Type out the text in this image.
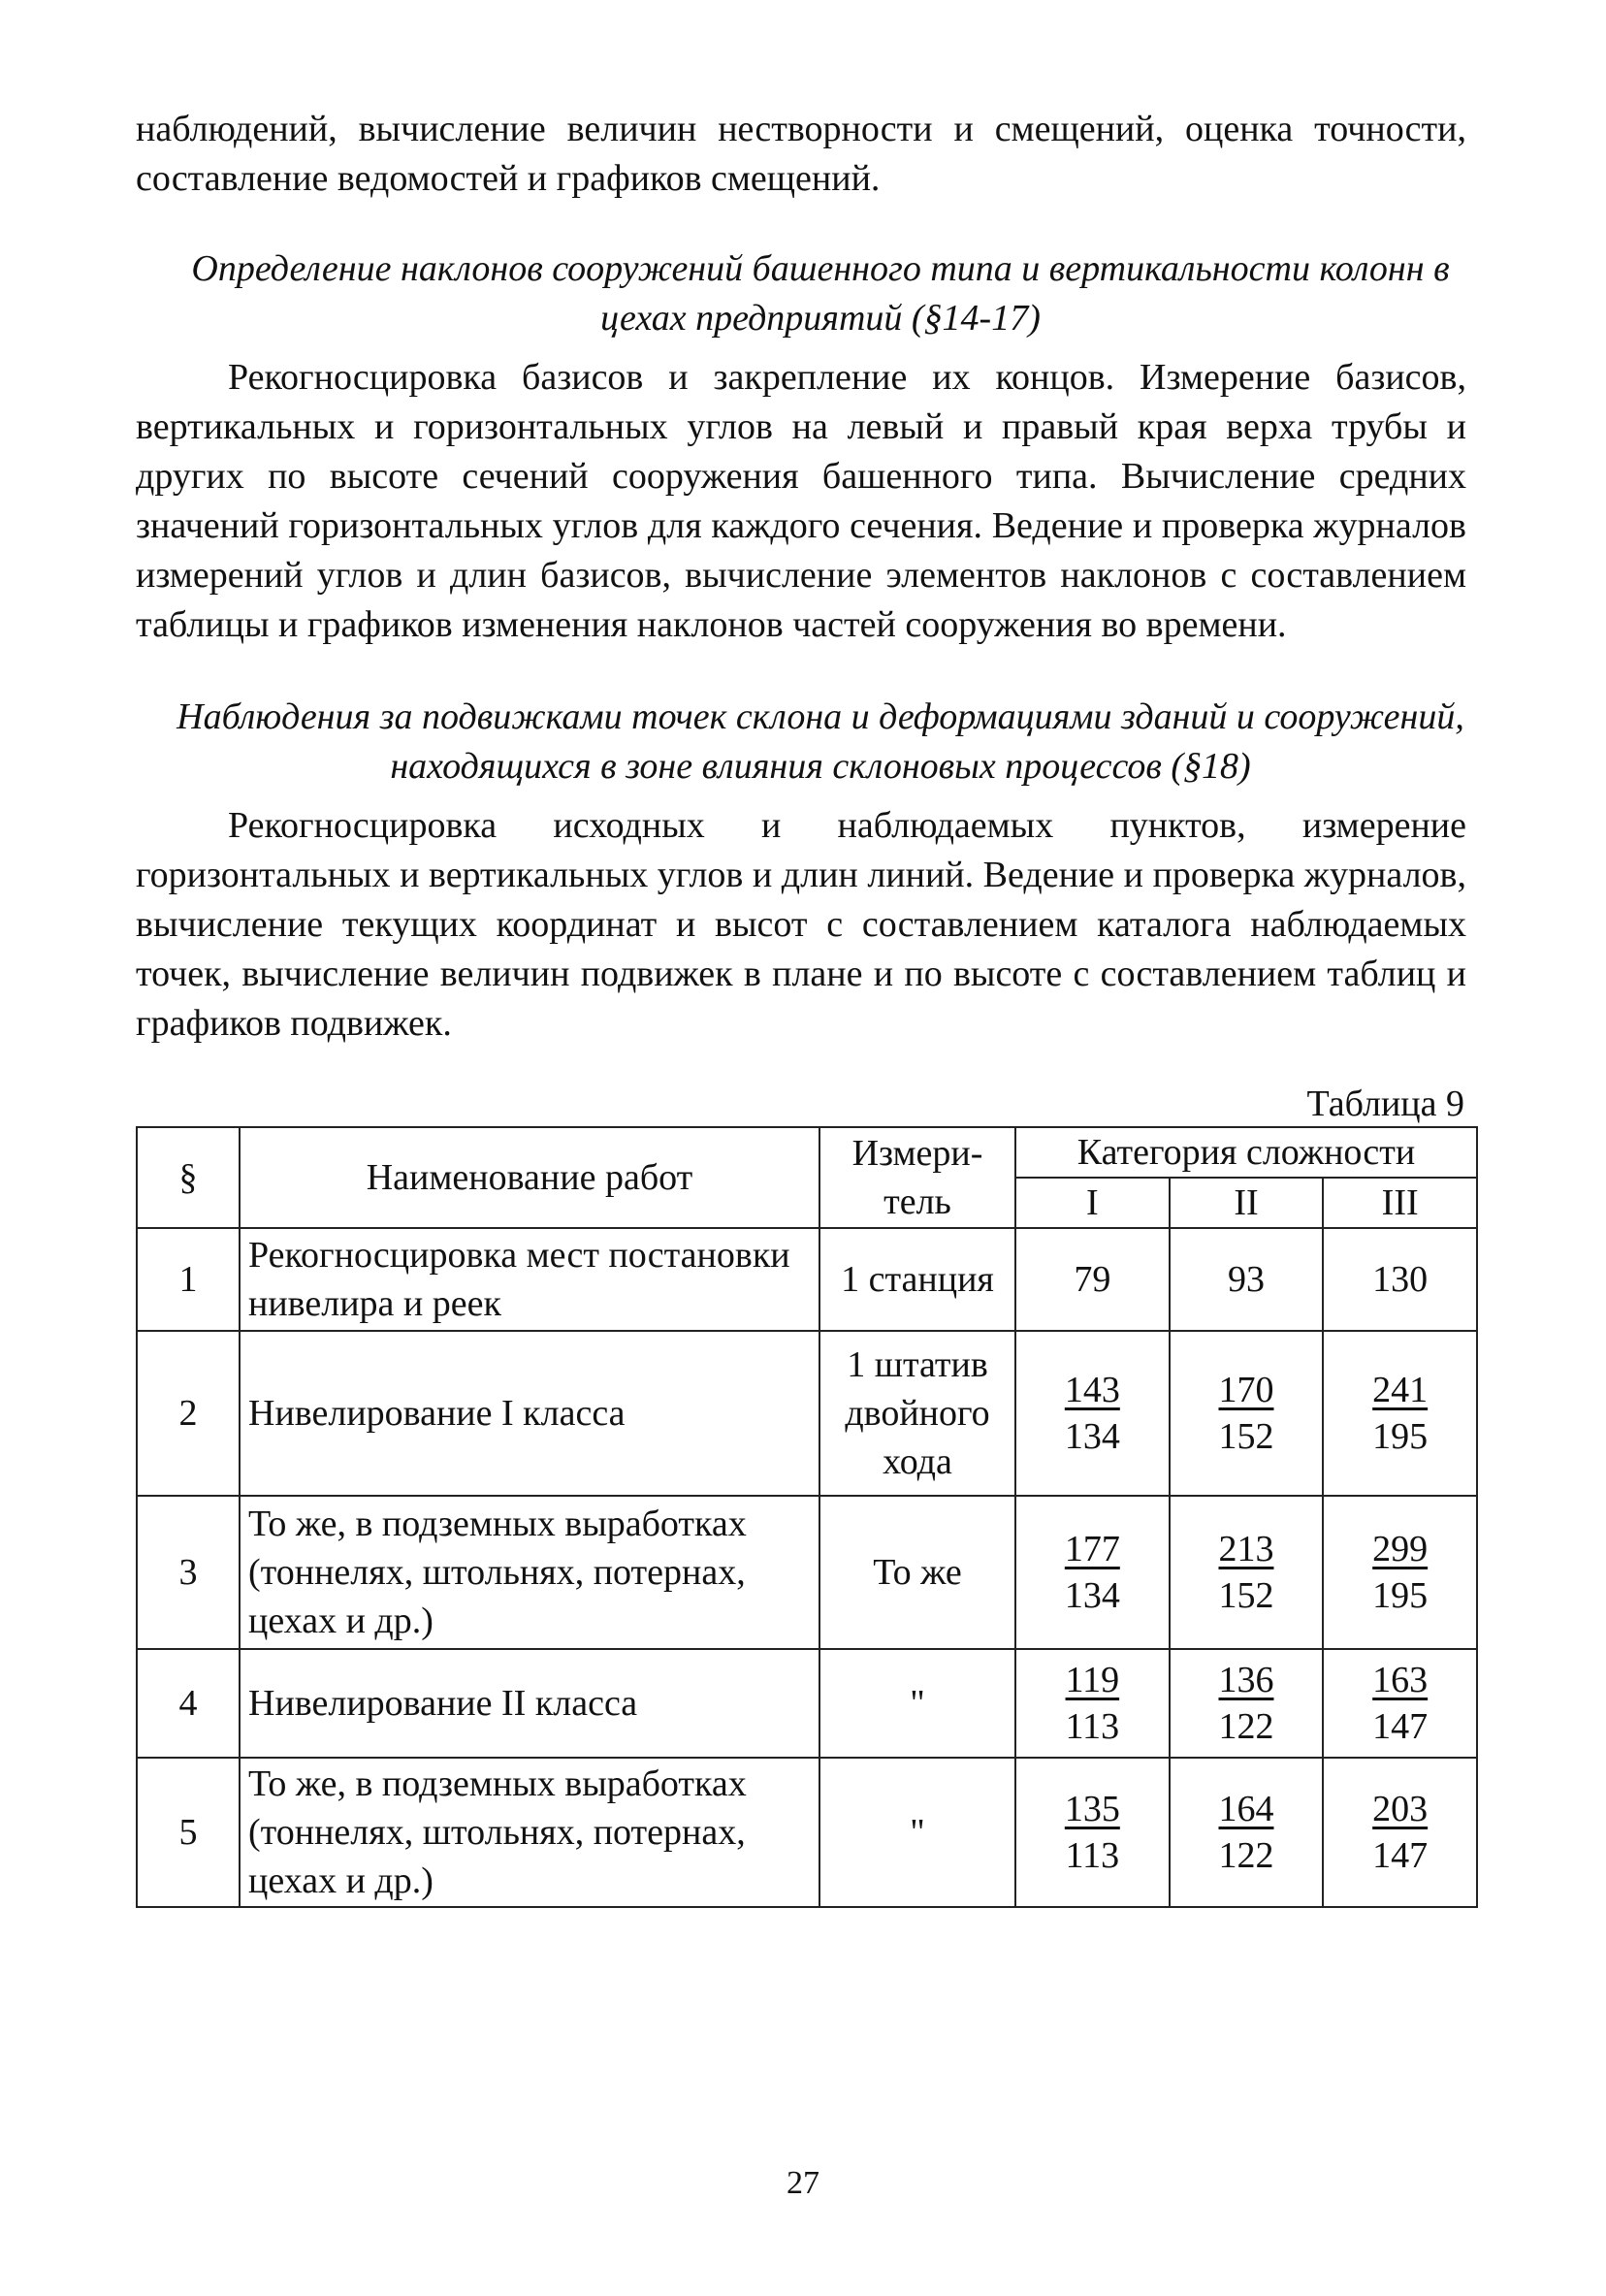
наблюдений, вычисление величин нестворности и смещений, оценка точности, составление ведомостей и графиков смещений.

Определение наклонов сооружений башенного типа и вертикальности колонн в цехах предприятий (§14-17)

Рекогносцировка базисов и закрепление их концов. Измерение базисов, вертикальных и горизонтальных углов на левый и правый края верха трубы и других по высоте сечений сооружения башенного типа. Вычисление средних значений горизонтальных углов для каждого сечения. Ведение и проверка журналов измерений углов и длин базисов, вычисление элементов наклонов с составлением таблицы и графиков изменения наклонов частей сооружения во времени.

Наблюдения за подвижками точек склона и деформациями зданий и сооружений, находящихся в зоне влияния склоновых процессов (§18)

Рекогносцировка исходных и наблюдаемых пунктов, измерение горизонтальных и вертикальных углов и длин линий. Ведение и проверка журналов, вычисление текущих координат и высот с составлением каталога наблюдаемых точек, вычисление величин подвижек в плане и по высоте с составлением таблиц и графиков подвижек.

Таблица 9
§	Наименование работ	Измери- тель	Категория сложности		
			I	II	III
1	Рекогносцировка мест постановки нивелира и реек	1 станция	79	93	130
2	Нивелирование I класса	1 штатив двойного хода	$\frac{143}{134}$	$\frac{170}{152}$	$\frac{241}{195}$

3	То же, в подземных выработках (тоннелях, штольнях, потернах, цехах и др.)	То же	$\frac{177}{134}$	$\frac{213}{152}$	$\frac{299}{195}$

4	Нивелирование II класса	"	$\frac{119}{113}$	$\frac{136}{122}$	$\frac{163}{147}$

5	То же, в подземных выработках (тоннелях, штольнях, потернах, цехах и др.)	"	$\frac{135}{113}$	$\frac{164}{122}$	$\frac{203}{147}$
27
